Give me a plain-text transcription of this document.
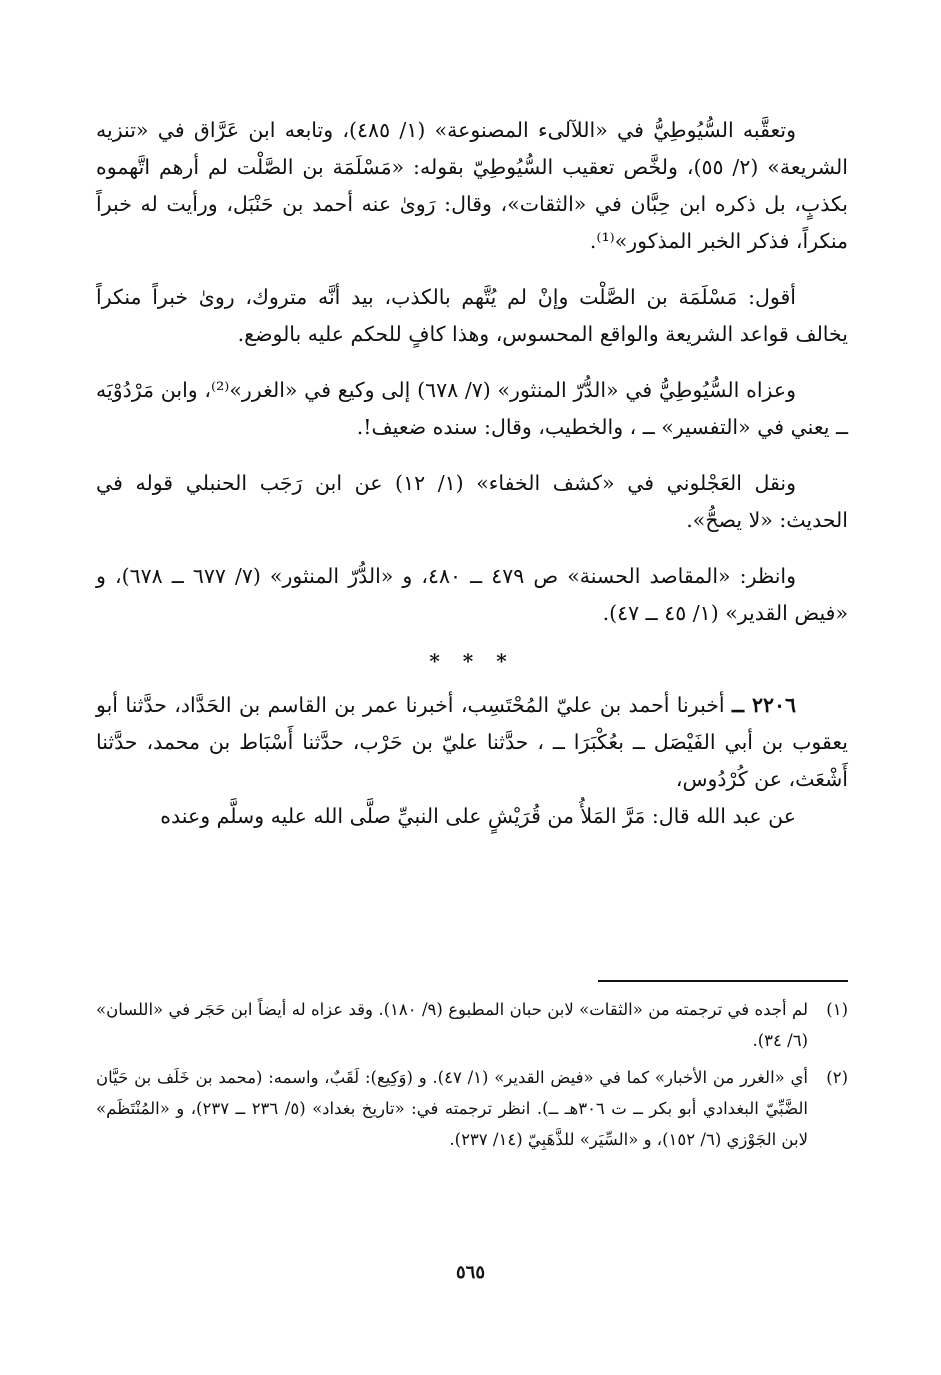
وتعقَّبه السُّيُوطِيُّ في «اللآلىء المصنوعة» (١/ ٤٨٥)، وتابعه ابن عَرَّاق في «تنزيه الشريعة» (٢/ ٥٥)، ولخَّص تعقيب السُّيُوطِيّ بقوله: «مَسْلَمَة بن الصَّلْت لم أرهم اتَّهموه بكذبٍ، بل ذكره ابن حِبَّان في «الثقات»، وقال: رَوىٰ عنه أحمد بن حَنْبَل، ورأيت له خبراً منكراً، فذكر الخبر المذكور»⁽¹⁾.

أقول: مَسْلَمَة بن الصَّلْت وإنْ لم يُتَّهم بالكذب، بيد أنَّه متروك، روىٰ خبراً منكراً يخالف قواعد الشريعة والواقع المحسوس، وهذا كافٍ للحكم عليه بالوضع.

وعزاه السُّيُوطِيُّ في «الدُّرّ المنثور» (٧/ ٦٧٨) إلى وكيع في «الغرر»⁽²⁾، وابن مَرْدُوْيَه ــ يعني في «التفسير» ــ ، والخطيب، وقال: سنده ضعيف!.

ونقل العَجْلوني في «كشف الخفاء» (١/ ١٢) عن ابن رَجَب الحنبلي قوله في الحديث: «لا يصحُّ».

وانظر: «المقاصد الحسنة» ص ٤٧٩ ــ ٤٨٠، و «الدُّرّ المنثور» (٧/ ٦٧٧ ــ ٦٧٨)، و «فيض القدير» (١/ ٤٥ ــ ٤٧).

* * *

٢٢٠٦ ــ أخبرنا أحمد بن عليّ المُحْتَسِب، أخبرنا عمر بن القاسم بن الحَدَّاد، حدَّثنا أبو يعقوب بن أبي الفَيْصَل ــ بعُكْبَرَا ــ ، حدَّثنا عليّ بن حَرْب، حدَّثنا أَسْبَاط بن محمد، حدَّثنا أَشْعَث، عن كُرْدُوس،

عن عبد الله قال: مَرَّ المَلأُ من قُرَيْشٍ على النبيِّ صلَّى الله عليه وسلَّم وعنده

(١)
لم أجده في ترجمته من «الثقات» لابن حبان المطبوع (٩/ ١٨٠). وقد عزاه له أيضاً ابن حَجَر في «اللسان» (٦/ ٣٤).
(٢)
أي «الغرر من الأخبار» كما في «فيض القدير» (١/ ٤٧). و (وَكِيع): لَقَبٌ، واسمه: (محمد بن خَلَف بن حَيَّان الضَّبِّيّ البغدادي أبو بكر ــ ت ٣٠٦هـ ــ). انظر ترجمته في: «تاريخ بغداد» (٥/ ٢٣٦ ــ ٢٣٧)، و «المُنْتَظَم» لابن الجَوْزي (٦/ ١٥٢)، و «السِّيَر» للذَّهَبِيّ (١٤/ ٢٣٧).
٥٦٥
